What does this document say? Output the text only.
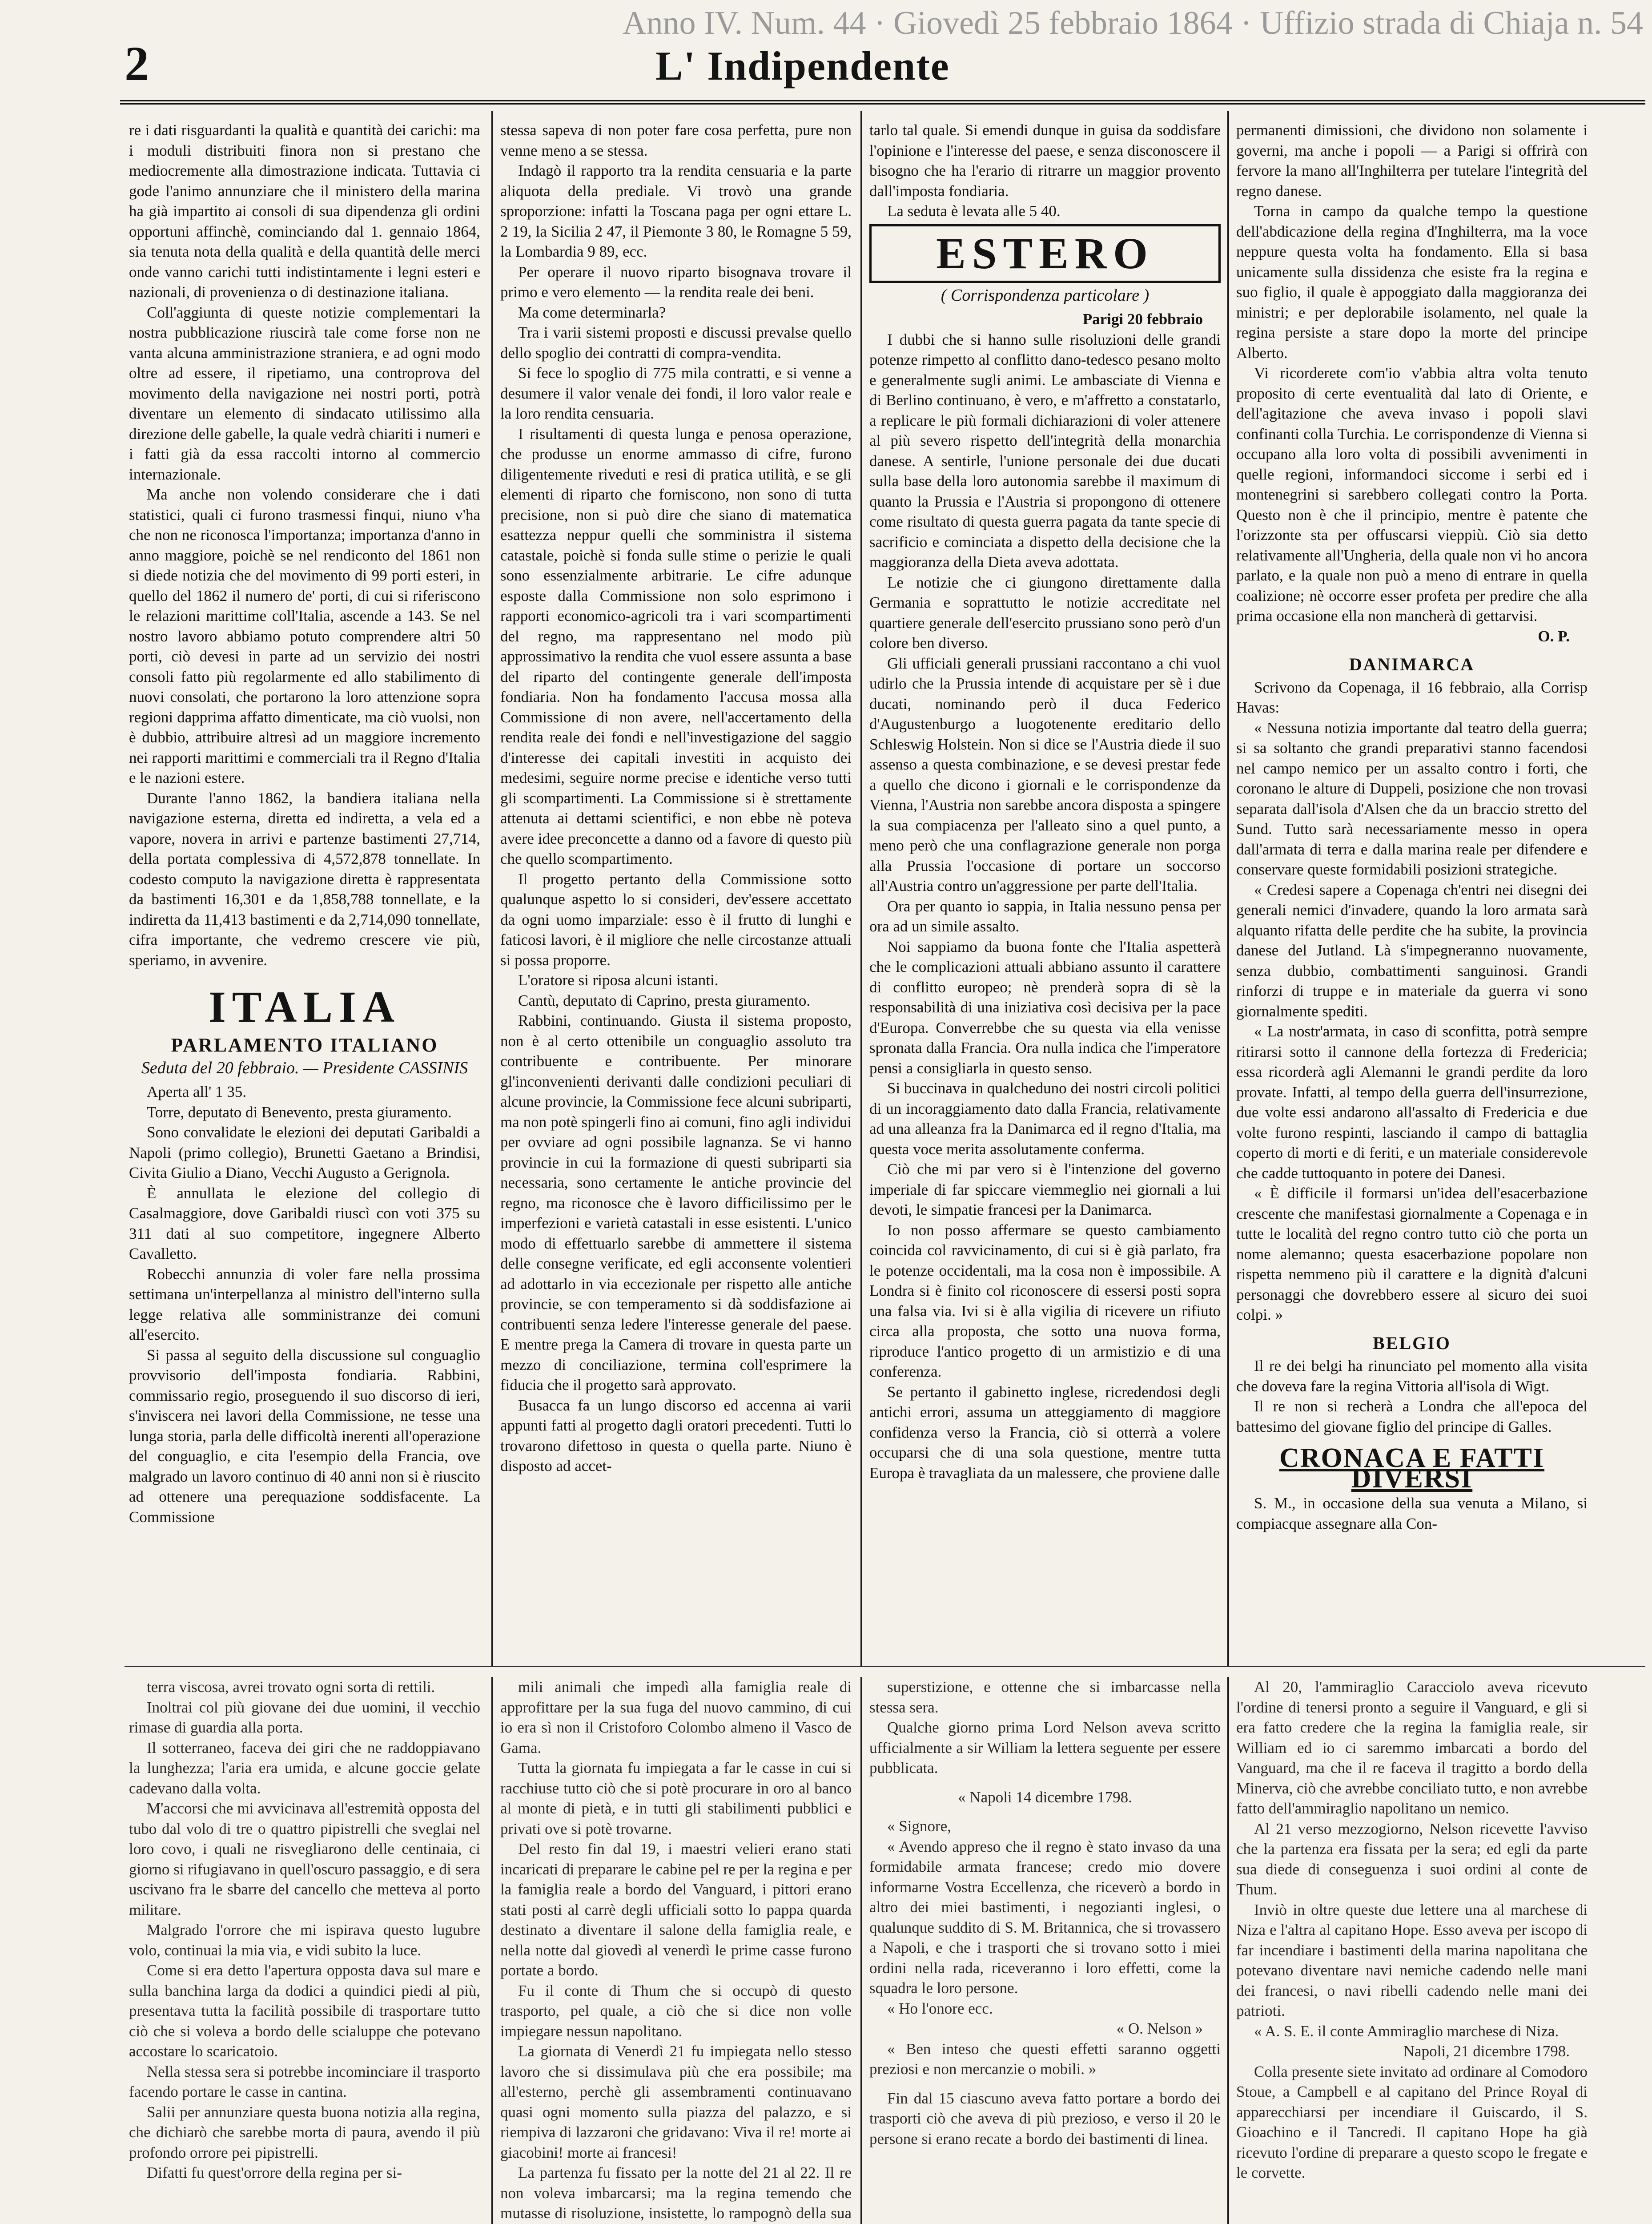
Anno IV. Num. 44 · Giovedì 25 febbraio 1864 · Uffizio strada di Chiaja n. 54
2	L' Indipendente

re i dati risguardanti la qualità e quantità dei carichi: ma i moduli distribuiti finora non si prestano che mediocremente alla dimostrazione indicata. Tuttavia ci gode l'animo annunziare che il ministero della marina ha già impartito ai consoli di sua dipendenza gli ordini opportuni affinchè, cominciando dal 1. gennaio 1864, sia tenuta nota della qualità e della quantità delle merci onde vanno carichi tutti indistintamente i legni esteri e nazionali, di provenienza o di destinazione italiana.

Coll'aggiunta di queste notizie complementari la nostra pubblicazione riuscirà tale come forse non ne vanta alcuna amministrazione straniera, e ad ogni modo oltre ad essere, il ripetiamo, una controprova del movimento della navigazione nei nostri porti, potrà diventare un elemento di sindacato utilissimo alla direzione delle gabelle, la quale vedrà chiariti i numeri e i fatti già da essa raccolti intorno al commercio internazionale.

Ma anche non volendo considerare che i dati statistici, quali ci furono trasmessi finqui, niuno v'ha che non ne riconosca l'importanza; importanza d'anno in anno maggiore, poichè se nel rendiconto del 1861 non si diede notizia che del movimento di 99 porti esteri, in quello del 1862 il numero de' porti, di cui si riferiscono le relazioni marittime coll'Italia, ascende a 143. Se nel nostro lavoro abbiamo potuto comprendere altri 50 porti, ciò devesi in parte ad un servizio dei nostri consoli fatto più regolarmente ed allo stabilimento di nuovi consolati, che portarono la loro attenzione sopra regioni dapprima affatto dimenticate, ma ciò vuolsi, non è dubbio, attribuire altresì ad un maggiore incremento nei rapporti marittimi e commerciali tra il Regno d'Italia e le nazioni estere.

Durante l'anno 1862, la bandiera italiana nella navigazione esterna, diretta ed indiretta, a vela ed a vapore, novera in arrivi e partenze bastimenti 27,714, della portata complessiva di 4,572,878 tonnellate. In codesto computo la navigazione diretta è rappresentata da bastimenti 16,301 e da 1,858,788 tonnellate, e la indiretta da 11,413 bastimenti e da 2,714,090 tonnellate, cifra importante, che vedremo crescere vie più, speriamo, in avvenire.

ITALIA
PARLAMENTO ITALIANO
Seduta del 20 febbraio. — Presidente CASSINIS

Aperta all' 1 35.

Torre, deputato di Benevento, presta giuramento.

Sono convalidate le elezioni dei deputati Garibaldi a Napoli (primo collegio), Brunetti Gaetano a Brindisi, Civita Giulio a Diano, Vecchi Augusto a Gerignola.

È annullata le elezione del collegio di Casalmaggiore, dove Garibaldi riuscì con voti 375 su 311 dati al suo competitore, ingegnere Alberto Cavalletto.

Robecchi annunzia di voler fare nella prossima settimana un'interpellanza al ministro dell'interno sulla legge relativa alle somministranze dei comuni all'esercito.

Si passa al seguito della discussione sul conguaglio provvisorio dell'imposta fondiaria. Rabbini, commissario regio, proseguendo il suo discorso di ieri, s'inviscera nei lavori della Commissione, ne tesse una lunga storia, parla delle difficoltà inerenti all'operazione del conguaglio, e cita l'esempio della Francia, ove malgrado un lavoro continuo di 40 anni non si è riuscito ad ottenere una perequazione soddisfacente. La Commissione

stessa sapeva di non poter fare cosa perfetta, pure non venne meno a se stessa.

Indagò il rapporto tra la rendita censuaria e la parte aliquota della prediale. Vi trovò una grande sproporzione: infatti la Toscana paga per ogni ettare L. 2 19, la Sicilia 2 47, il Piemonte 3 80, le Romagne 5 59, la Lombardia 9 89, ecc.

Per operare il nuovo riparto bisognava trovare il primo e vero elemento — la rendita reale dei beni.

Ma come determinarla?

Tra i varii sistemi proposti e discussi prevalse quello dello spoglio dei contratti di compra-vendita.

Si fece lo spoglio di 775 mila contratti, e si venne a desumere il valor venale dei fondi, il loro valor reale e la loro rendita censuaria.

I risultamenti di questa lunga e penosa operazione, che produsse un enorme ammasso di cifre, furono diligentemente riveduti e resi di pratica utilità, e se gli elementi di riparto che forniscono, non sono di tutta precisione, non si può dire che siano di matematica esattezza neppur quelli che somministra il sistema catastale, poichè si fonda sulle stime o perizie le quali sono essenzialmente arbitrarie. Le cifre adunque esposte dalla Commissione non solo esprimono i rapporti economico-agricoli tra i vari scompartimenti del regno, ma rappresentano nel modo più approssimativo la rendita che vuol essere assunta a base del riparto del contingente generale dell'imposta fondiaria. Non ha fondamento l'accusa mossa alla Commissione di non avere, nell'accertamento della rendita reale dei fondi e nell'investigazione del saggio d'interesse dei capitali investiti in acquisto dei medesimi, seguire norme precise e identiche verso tutti gli scompartimenti. La Commissione si è strettamente attenuta ai dettami scientifici, e non ebbe nè poteva avere idee preconcette a danno od a favore di questo più che quello scompartimento.

Il progetto pertanto della Commissione sotto qualunque aspetto lo si consideri, dev'essere accettato da ogni uomo imparziale: esso è il frutto di lunghi e faticosi lavori, è il migliore che nelle circostanze attuali si possa proporre.

L'oratore si riposa alcuni istanti.

Cantù, deputato di Caprino, presta giuramento.

Rabbini, continuando. Giusta il sistema proposto, non è al certo ottenibile un conguaglio assoluto tra contribuente e contribuente. Per minorare gl'inconvenienti derivanti dalle condizioni peculiari di alcune provincie, la Commissione fece alcuni subriparti, ma non potè spingerli fino ai comuni, fino agli individui per ovviare ad ogni possibile lagnanza. Se vi hanno provincie in cui la formazione di questi subriparti sia necessaria, sono certamente le antiche provincie del regno, ma riconosce che è lavoro difficilissimo per le imperfezioni e varietà catastali in esse esistenti. L'unico modo di effettuarlo sarebbe di ammettere il sistema delle consegne verificate, ed egli acconsente volentieri ad adottarlo in via eccezionale per rispetto alle antiche provincie, se con temperamento si dà soddisfazione ai contribuenti senza ledere l'interesse generale del paese. E mentre prega la Camera di trovare in questa parte un mezzo di conciliazione, termina coll'esprimere la fiducia che il progetto sarà approvato.

Busacca fa un lungo discorso ed accenna ai varii appunti fatti al progetto dagli oratori precedenti. Tutti lo trovarono difettoso in questa o quella parte. Niuno è disposto ad accet-

tarlo tal quale. Si emendi dunque in guisa da soddisfare l'opinione e l'interesse del paese, e senza disconoscere il bisogno che ha l'erario di ritrarre un maggior provento dall'imposta fondiaria.

La seduta è levata alle 5 40.

ESTERO
( Corrispondenza particolare )

Parigi 20 febbraio

I dubbi che si hanno sulle risoluzioni delle grandi potenze rimpetto al conflitto dano-tedesco pesano molto e generalmente sugli animi. Le ambasciate di Vienna e di Berlino continuano, è vero, e m'affretto a constatarlo, a replicare le più formali dichiarazioni di voler attenere al più severo rispetto dell'integrità della monarchia danese. A sentirle, l'unione personale dei due ducati sulla base della loro autonomia sarebbe il maximum di quanto la Prussia e l'Austria si propongono di ottenere come risultato di questa guerra pagata da tante specie di sacrificio e cominciata a dispetto della decisione che la maggioranza della Dieta aveva adottata.

Le notizie che ci giungono direttamente dalla Germania e soprattutto le notizie accreditate nel quartiere generale dell'esercito prussiano sono però d'un colore ben diverso.

Gli ufficiali generali prussiani raccontano a chi vuol udirlo che la Prussia intende di acquistare per sè i due ducati, nominando però il duca Federico d'Augustenburgo a luogotenente ereditario dello Schleswig Holstein. Non si dice se l'Austria diede il suo assenso a questa combinazione, e se devesi prestar fede a quello che dicono i giornali e le corrispondenze da Vienna, l'Austria non sarebbe ancora disposta a spingere la sua compiacenza per l'alleato sino a quel punto, a meno però che una conflagrazione generale non porga alla Prussia l'occasione di portare un soccorso all'Austria contro un'aggressione per parte dell'Italia.

Ora per quanto io sappia, in Italia nessuno pensa per ora ad un simile assalto.

Noi sappiamo da buona fonte che l'Italia aspetterà che le complicazioni attuali abbiano assunto il carattere di conflitto europeo; nè prenderà sopra di sè la responsabilità di una iniziativa così decisiva per la pace d'Europa. Converrebbe che su questa via ella venisse spronata dalla Francia. Ora nulla indica che l'imperatore pensi a consigliarla in questo senso.

Si buccinava in qualcheduno dei nostri circoli politici di un incoraggiamento dato dalla Francia, relativamente ad una alleanza fra la Danimarca ed il regno d'Italia, ma questa voce merita assolutamente conferma.

Ciò che mi par vero si è l'intenzione del governo imperiale di far spiccare viemmeglio nei giornali a lui devoti, le simpatie francesi per la Danimarca.

Io non posso affermare se questo cambiamento coincida col ravvicinamento, di cui si è già parlato, fra le potenze occidentali, ma la cosa non è impossibile. A Londra si è finito col riconoscere di essersi posti sopra una falsa via. Ivi si è alla vigilia di ricevere un rifiuto circa alla proposta, che sotto una nuova forma, riproduce l'antico progetto di un armistizio e di una conferenza.

Se pertanto il gabinetto inglese, ricredendosi degli antichi errori, assuma un atteggiamento di maggiore confidenza verso la Francia, ciò si otterrà a volere occuparsi che di una sola questione, mentre tutta Europa è travagliata da un malessere, che proviene dalle

permanenti dimissioni, che dividono non solamente i governi, ma anche i popoli — a Parigi si offrirà con fervore la mano all'Inghilterra per tutelare l'integrità del regno danese.

Torna in campo da qualche tempo la questione dell'abdicazione della regina d'Inghilterra, ma la voce neppure questa volta ha fondamento. Ella si basa unicamente sulla dissidenza che esiste fra la regina e suo figlio, il quale è appoggiato dalla maggioranza dei ministri; e per deplorabile isolamento, nel quale la regina persiste a stare dopo la morte del principe Alberto.

Vi ricorderete com'io v'abbia altra volta tenuto proposito di certe eventualità dal lato di Oriente, e dell'agitazione che aveva invaso i popoli slavi confinanti colla Turchia. Le corrispondenze di Vienna si occupano alla loro volta di possibili avvenimenti in quelle regioni, informandoci siccome i serbi ed i montenegrini si sarebbero collegati contro la Porta. Questo non è che il principio, mentre è patente che l'orizzonte sta per offuscarsi vieppiù. Ciò sia detto relativamente all'Ungheria, della quale non vi ho ancora parlato, e la quale non può a meno di entrare in quella coalizione; nè occorre esser profeta per predire che alla prima occasione ella non mancherà di gettarvisi.

O. P.

DANIMARCA

Scrivono da Copenaga, il 16 febbraio, alla Corrisp Havas:

« Nessuna notizia importante dal teatro della guerra; si sa soltanto che grandi preparativi stanno facendosi nel campo nemico per un assalto contro i forti, che coronano le alture di Duppeli, posizione che non trovasi separata dall'isola d'Alsen che da un braccio stretto del Sund. Tutto sarà necessariamente messo in opera dall'armata di terra e dalla marina reale per difendere e conservare queste formidabili posizioni strategiche.

« Credesi sapere a Copenaga ch'entri nei disegni dei generali nemici d'invadere, quando la loro armata sarà alquanto rifatta delle perdite che ha subite, la provincia danese del Jutland. Là s'impegneranno nuovamente, senza dubbio, combattimenti sanguinosi. Grandi rinforzi di truppe e in materiale da guerra vi sono giornalmente spediti.

« La nostr'armata, in caso di sconfitta, potrà sempre ritirarsi sotto il cannone della fortezza di Fredericia; essa ricorderà agli Alemanni le grandi perdite da loro provate. Infatti, al tempo della guerra dell'insurrezione, due volte essi andarono all'assalto di Fredericia e due volte furono respinti, lasciando il campo di battaglia coperto di morti e di feriti, e un materiale considerevole che cadde tuttoquanto in potere dei Danesi.

« È difficile il formarsi un'idea dell'esacerbazione crescente che manifestasi giornalmente a Copenaga e in tutte le località del regno contro tutto ciò che porta un nome alemanno; questa esacerbazione popolare non rispetta nemmeno più il carattere e la dignità d'alcuni personaggi che dovrebbero essere al sicuro dei suoi colpi. »

BELGIO

Il re dei belgi ha rinunciato pel momento alla visita che doveva fare la regina Vittoria all'isola di Wigt.

Il re non si recherà a Londra che all'epoca del battesimo del giovane figlio del principe di Galles.

CRONACA E FATTI DIVERSI

S. M., in occasione della sua venuta a Milano, si compiacque assegnare alla Con-

terra viscosa, avrei trovato ogni sorta di rettili.

Inoltrai col più giovane dei due uomini, il vecchio rimase di guardia alla porta.

Il sotterraneo, faceva dei giri che ne raddoppiavano la lunghezza; l'aria era umida, e alcune goccie gelate cadevano dalla volta.

M'accorsi che mi avvicinava all'estremità opposta del tubo dal volo di tre o quattro pipistrelli che sveglai nel loro covo, i quali ne risvegliarono delle centinaia, ci giorno si rifugiavano in quell'oscuro passaggio, e di sera uscivano fra le sbarre del cancello che metteva al porto militare.

Malgrado l'orrore che mi ispirava questo lugubre volo, continuai la mia via, e vidi subito la luce.

Come si era detto l'apertura opposta dava sul mare e sulla banchina larga da dodici a quindici piedi al più, presentava tutta la facilità possibile di trasportare tutto ciò che si voleva a bordo delle scialuppe che potevano accostare lo scaricatoio.

Nella stessa sera si potrebbe incominciare il trasporto facendo portare le casse in cantina.

Salii per annunziare questa buona notizia alla regina, che dichiarò che sarebbe morta di paura, avendo il più profondo orrore pei pipistrelli.

Difatti fu quest'orrore della regina per si-

mili animali che impedì alla famiglia reale di approfittare per la sua fuga del nuovo cammino, di cui io era sì non il Cristoforo Colombo almeno il Vasco de Gama.

Tutta la giornata fu impiegata a far le casse in cui si racchiuse tutto ciò che si potè procurare in oro al banco al monte di pietà, e in tutti gli stabilimenti pubblici e privati ove si potè trovarne.

Del resto fin dal 19, i maestri velieri erano stati incaricati di preparare le cabine pel re per la regina e per la famiglia reale a bordo del Vanguard, i pittori erano stati posti al carrè degli ufficiali sotto lo pappa quarda destinato a diventare il salone della famiglia reale, e nella notte dal giovedì al venerdì le prime casse furono portate a bordo.

Fu il conte di Thum che si occupò di questo trasporto, pel quale, a ciò che si dice non volle impiegare nessun napolitano.

La giornata di Venerdì 21 fu impiegata nello stesso lavoro che si dissimulava più che era possibile; ma all'esterno, perchè gli assembramenti continuavano quasi ogni momento sulla piazza del palazzo, e si riempiva di lazzaroni che gridavano: Viva il re! morte ai giacobini! morte ai francesi!

La partenza fu fissato per la notte del 21 al 22. Il re non voleva imbarcarsi; ma la regina temendo che mutasse di risoluzione, insistette, lo rampognò della sua

superstizione, e ottenne che si imbarcasse nella stessa sera.

Qualche giorno prima Lord Nelson aveva scritto ufficialmente a sir William la lettera seguente per essere pubblicata.

« Napoli 14 dicembre 1798.

« Signore,

« Avendo appreso che il regno è stato invaso da una formidabile armata francese; credo mio dovere informarne Vostra Eccellenza, che riceverò a bordo in altro dei miei bastimenti, i negozianti inglesi, o qualunque suddito di S. M. Britannica, che si trovassero a Napoli, e che i trasporti che si trovano sotto i miei ordini nella rada, riceveranno i loro effetti, come la squadra le loro persone.

« Ho l'onore ecc.

« O. Nelson »

« Ben inteso che questi effetti saranno oggetti preziosi e non mercanzie o mobili. »

Fin dal 15 ciascuno aveva fatto portare a bordo dei trasporti ciò che aveva di più prezioso, e verso il 20 le persone si erano recate a bordo dei bastimenti di linea.

Al 20, l'ammiraglio Caracciolo aveva ricevuto l'ordine di tenersi pronto a seguire il Vanguard, e gli si era fatto credere che la regina la famiglia reale, sir William ed io ci saremmo imbarcati a bordo del Vanguard, ma che il re faceva il tragitto a bordo della Minerva, ciò che avrebbe conciliato tutto, e non avrebbe fatto dell'ammiraglio napolitano un nemico.

Al 21 verso mezzogiorno, Nelson ricevette l'avviso che la partenza era fissata per la sera; ed egli da parte sua diede di conseguenza i suoi ordini al conte de Thum.

Inviò in oltre queste due lettere una al marchese di Niza e l'altra al capitano Hope. Esso aveva per iscopo di far incendiare i bastimenti della marina napolitana che potevano diventare navi nemiche cadendo nelle mani dei francesi, o navi ribelli cadendo nelle mani dei patrioti.

« A. S. E. il conte Ammiraglio marchese di Niza.

Napoli, 21 dicembre 1798.

Colla presente siete invitato ad ordinare al Comodoro Stoue, a Campbell e al capitano del Prince Royal di apparecchiarsi per incendiare il Guiscardo, il S. Gioachino e il Tancredi. Il capitano Hope ha già ricevuto l'ordine di preparare a questo scopo le fregate e le corvette.
